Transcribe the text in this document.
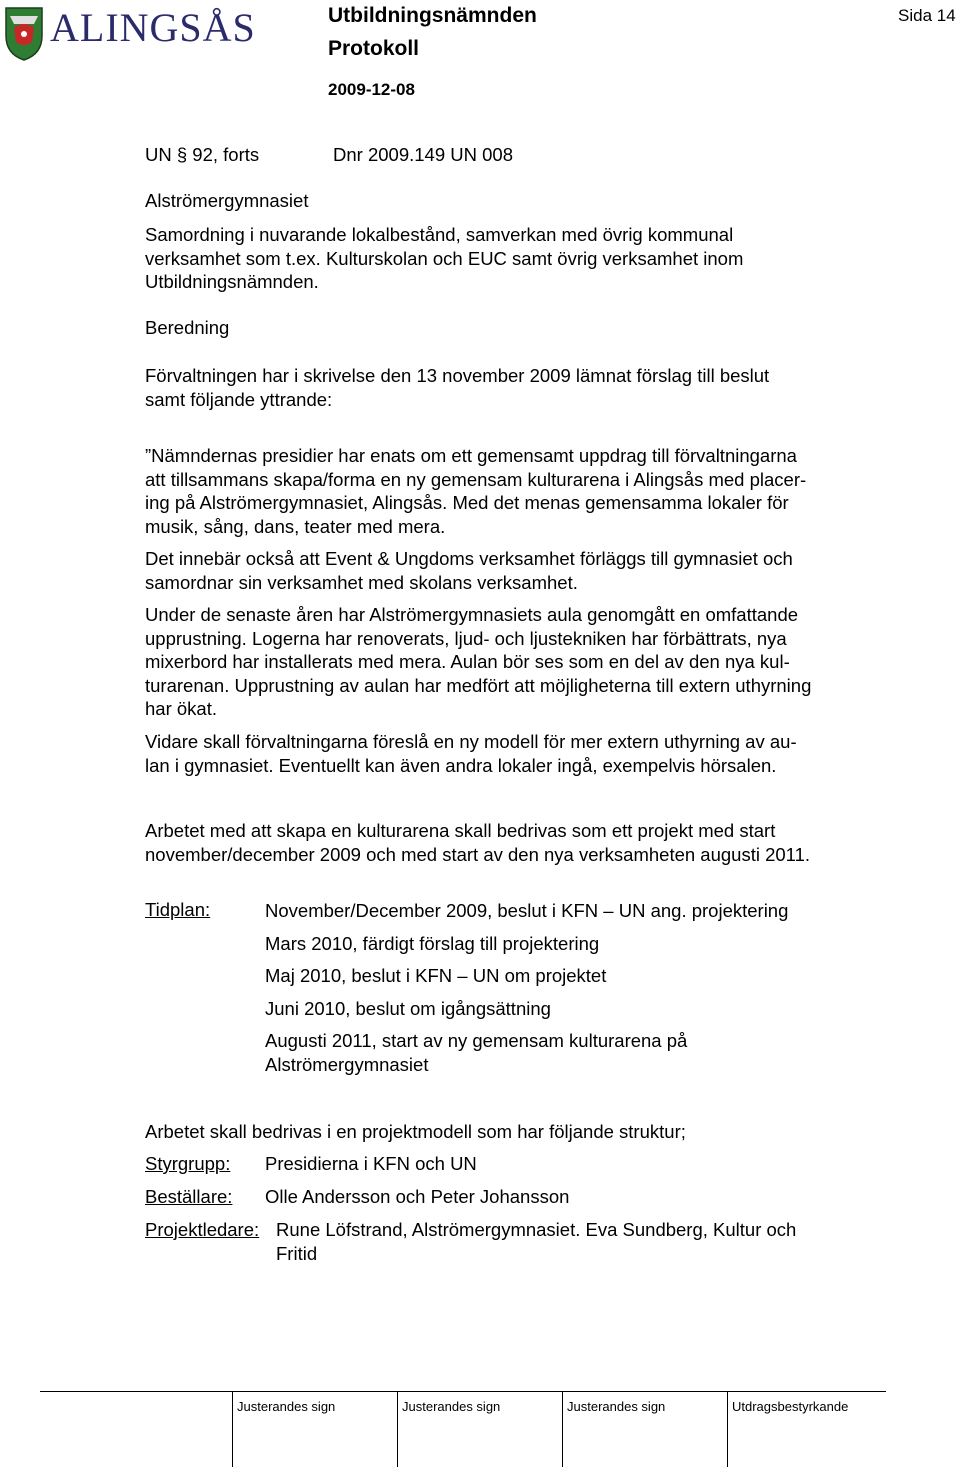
ALINGSÅS	Utbildningsnämnden
Protokoll
2009-12-08
Sida 14
UN § 92, forts	Dnr 2009.149 UN 008
Alströmergymnasiet
Samordning i nuvarande lokalbestånd, samverkan med övrig kommunal
verksamhet som t.ex. Kulturskolan och EUC samt övrig verksamhet inom
Utbildningsnämnden.
Beredning
Förvaltningen har i skrivelse den 13 november 2009 lämnat förslag till beslut
samt följande yttrande:
”Nämndernas presidier har enats om ett gemensamt uppdrag till förvaltningarna
att tillsammans skapa/forma en ny gemensam kulturarena i Alingsås med placer-
ing på Alströmergymnasiet, Alingsås. Med det menas gemensamma lokaler för
musik, sång, dans, teater med mera.
Det innebär också att Event & Ungdoms verksamhet förläggs till gymnasiet och
samordnar sin verksamhet med skolans verksamhet.
Under de senaste åren har Alströmergymnasiets aula genomgått en omfattande
upprustning. Logerna har renoverats, ljud- och ljustekniken har förbättrats, nya
mixerbord har installerats med mera. Aulan bör ses som en del av den nya kul-
turarenan. Upprustning av aulan har medfört att möjligheterna till extern uthyrning
har ökat.
Vidare skall förvaltningarna föreslå en ny modell för mer extern uthyrning av au-
lan i gymnasiet. Eventuellt kan även andra lokaler ingå, exempelvis hörsalen.
Arbetet med att skapa en kulturarena skall bedrivas som ett projekt med start
november/december 2009 och med start av den nya verksamheten augusti 2011.
Tidplan:	November/December 2009, beslut i KFN – UN ang. projektering
Mars 2010, färdigt förslag till projektering
Maj 2010, beslut i KFN – UN om projektet
Juni 2010, beslut om igångsättning
Augusti 2011, start av ny gemensam kulturarena på
Alströmergymnasiet
Arbetet skall bedrivas i en projektmodell som har följande struktur;
Styrgrupp: Presidierna i KFN och UN
Beställare: Olle Andersson och Peter Johansson
Projektledare: Rune Löfstrand, Alströmergymnasiet. Eva Sundberg, Kultur och
Fritid
Justerandes sign	Justerandes sign	Justerandes sign	Utdragsbestyrkande
